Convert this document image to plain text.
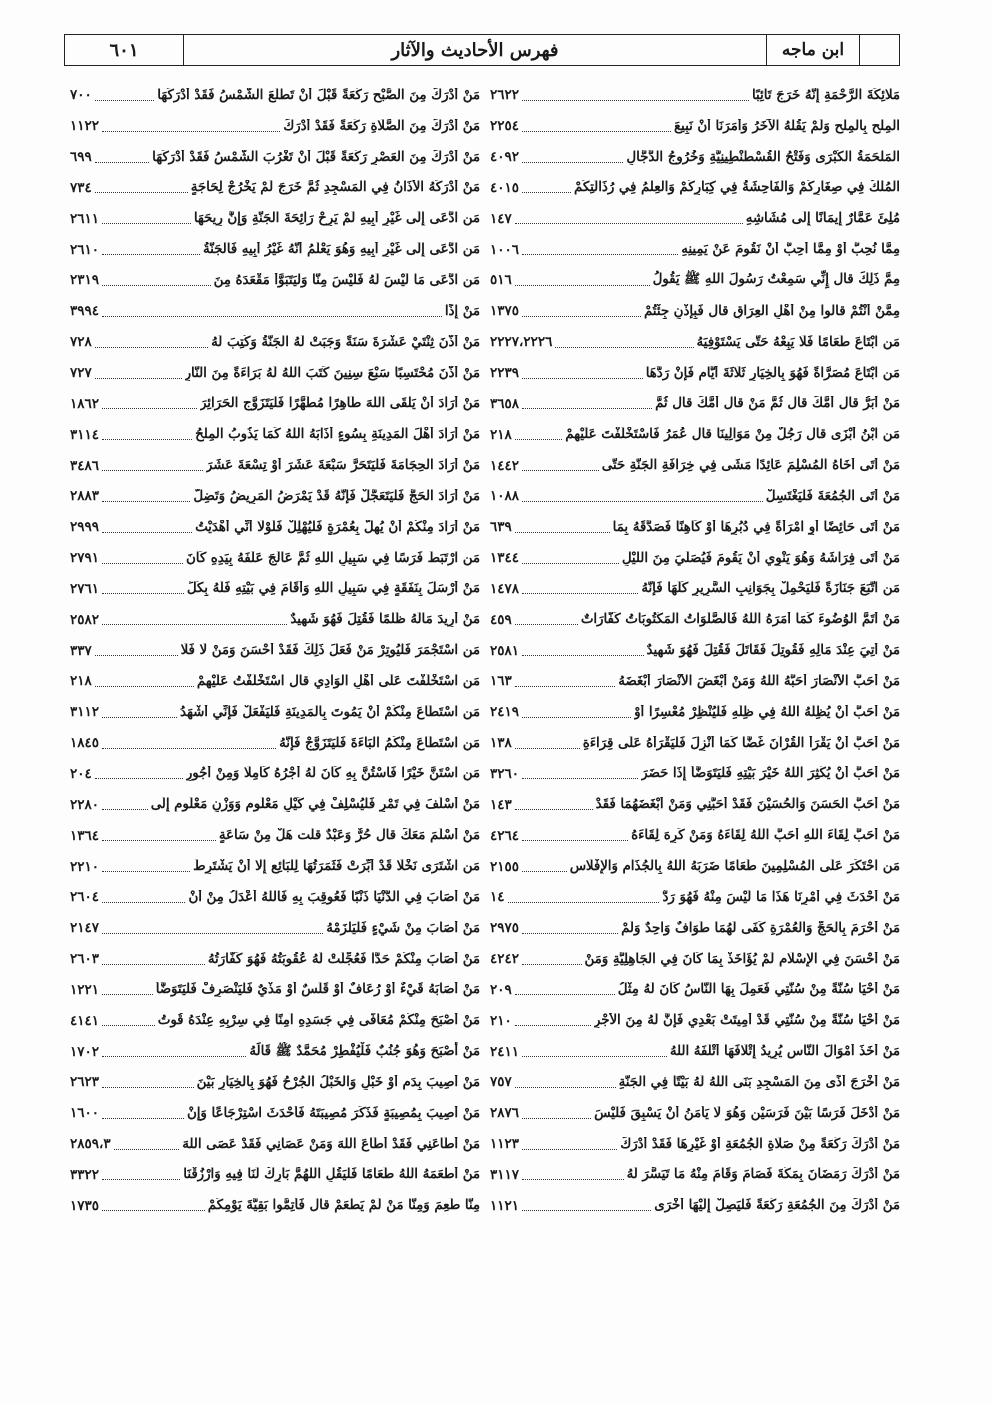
ابن ماجه
فهرس الأحاديث والآثار
٦٠١
مَلائِكَةَ الرَّحْمَةِ إِنَّهُ خَرَجَ تَائِبًا
٢٦٢٢
الْمِلْحِ بِالْمِلْحِ وَلَمْ يَقُلْهُ الْآخَرُ وَأَمَرَنَا أَنْ نَبِيعَ
٢٢٥٤
الْمَلْحَمَةُ الْكُبْرَى وَفَتْحُ الْقُسْطَنْطِينِيَّةِ وَخُرُوجُ الدَّجَّالِ
٤٠٩٢
الْمُلْكُ فِي صِغَارِكُمْ وَالْفَاحِشَةُ فِي كِبَارِكُمْ وَالْعِلْمُ فِي رُذَالَتِكُمْ
٤٠١٥
مُلِئَ عَمَّارٌ إِيمَانًا إِلَى مُشَاشِهِ
١٤٧
مِمَّا نُحِبُّ أَوْ مِمَّا أُحِبُّ أَنْ نَقُومَ عَنْ يَمِينِهِ
١٠٠٦
مِمَّ ذَلِكَ قال إِنِّي سَمِعْتُ رَسُولَ اللهِ ﷺ يَقُولُ
٥١٦
مِمَّنْ أَنْتُمْ قالوا مِنْ أَهْلِ الْعِرَاقِ قال فَبِإِذْنٍ جِئْتُمْ
١٣٧٥
مَنِ ابْتَاعَ طَعَامًا فَلَا يَبِعْهُ حَتَّى يَسْتَوْفِيَهُ
٢٢٢٧،٢٢٢٦
مَنِ ابْتَاعَ مُصَرَّاةً فَهُوَ بِالْخِيَارِ ثَلَاثَةَ أَيَّامٍ فَإِنْ رَدَّهَا
٢٢٣٩
مَنْ أَبَرُّ قال أُمَّكَ قال ثُمَّ مَنْ قال أُمَّكَ قال ثُمَّ
٣٦٥٨
مَنِ ابْنُ أَبْزَى قال رَجُلٌ مِنْ مَوَالِينَا قال عُمَرُ فَاسْتَخْلَفْتَ عَلَيْهِمْ
٢١٨
مَنْ أَتَى أَخَاهُ الْمُسْلِمَ عَائِدًا مَشَى فِي خِرَافَةِ الْجَنَّةِ حَتَّى
١٤٤٢
مَنْ أَتَى الْجُمُعَةَ فَلْيَغْتَسِلْ
١٠٨٨
مَنْ أَتَى حَائِضًا أَوِ امْرَأَةً فِي دُبُرِهَا أَوْ كَاهِنًا فَصَدَّقَهُ بِمَا
٦٣٩
مَنْ أَتَى فِرَاشَهُ وَهُوَ يَنْوِي أَنْ يَقُومَ فَيُصَلِّيَ مِنَ اللَّيْلِ
١٣٤٤
مَنِ اتَّبَعَ جَنَازَةً فَلْيَحْمِلْ بِجَوَانِبِ السَّرِيرِ كُلِّهَا فَإِنَّهُ
١٤٧٨
مَنْ أَتَمَّ الْوُضُوءَ كَمَا أَمَرَهُ اللهُ فَالصَّلَوَاتُ الْمَكْتُوبَاتُ كَفَّارَاتٌ
٤٥٩
مَنْ أُتِيَ عِنْدَ مَالِهِ فَقُوتِلَ فَقَاتَلَ فَقُتِلَ فَهُوَ شَهِيدٌ
٢٥٨١
مَنْ أَحَبَّ الْأَنْصَارَ أَحَبَّهُ اللهُ وَمَنْ أَبْغَضَ الْأَنْصَارَ أَبْغَضَهُ
١٦٣
مَنْ أَحَبَّ أَنْ يُظِلَّهُ اللهُ فِي ظِلِّهِ فَلْيُنْظِرْ مُعْسِرًا أَوْ
٢٤١٩
مَنْ أَحَبَّ أَنْ يَقْرَأَ الْقُرْآنَ غَضًّا كَمَا أُنْزِلَ فَلْيَقْرَأْهُ عَلَى قِرَاءَةِ
١٣٨
مَنْ أَحَبَّ أَنْ يُكْثِرَ اللهُ خَيْرَ بَيْتِهِ فَلْيَتَوَضَّأْ إِذَا حَضَرَ
٣٢٦٠
مَنْ أَحَبَّ الْحَسَنَ وَالْحُسَيْنَ فَقَدْ أَحَبَّنِي وَمَنْ أَبْغَضَهُمَا فَقَدْ
١٤٣
مَنْ أَحَبَّ لِقَاءَ اللهِ أَحَبَّ اللهُ لِقَاءَهُ وَمَنْ كَرِهَ لِقَاءَهُ
٤٢٦٤
مَنِ احْتَكَرَ عَلَى الْمُسْلِمِينَ طَعَامًا ضَرَبَهُ اللهُ بِالْجُذَامِ وَالْإِفْلَاسِ
٢١٥٥
مَنْ أَحْدَثَ فِي أَمْرِنَا هَذَا مَا لَيْسَ مِنْهُ فَهُوَ رَدٌّ
١٤
مَنْ أَحْرَمَ بِالْحَجِّ وَالْعُمْرَةِ كَفَى لَهُمَا طَوَافٌ وَاحِدٌ وَلَمْ
٢٩٧٥
مَنْ أَحْسَنَ فِي الْإِسْلَامِ لَمْ يُؤَاخَذْ بِمَا كَانَ فِي الْجَاهِلِيَّةِ وَمَنْ
٤٢٤٢
مَنْ أَحْيَا سُنَّةً مِنْ سُنَّتِي فَعَمِلَ بِهَا النَّاسُ كَانَ لَهُ مِثْلُ
٢٠٩
مَنْ أَحْيَا سُنَّةً مِنْ سُنَّتِي قَدْ أُمِيتَتْ بَعْدِي فَإِنَّ لَهُ مِنَ الْأَجْرِ
٢١٠
مَنْ أَخَذَ أَمْوَالَ النَّاسِ يُرِيدُ إِتْلَافَهَا أَتْلَفَهُ اللهُ
٢٤١١
مَنْ أَخْرَجَ أَذًى مِنَ الْمَسْجِدِ بَنَى اللهُ لَهُ بَيْتًا فِي الْجَنَّةِ
٧٥٧
مَنْ أَدْخَلَ فَرَسًا بَيْنَ فَرَسَيْنِ وَهُوَ لَا يَأْمَنُ أَنْ يَسْبِقَ فَلَيْسَ
٢٨٧٦
مَنْ أَدْرَكَ رَكْعَةً مِنْ صَلَاةِ الْجُمُعَةِ أَوْ غَيْرِهَا فَقَدْ أَدْرَكَ
١١٢٣
مَنْ أَدْرَكَ رَمَضَانَ بِمَكَّةَ فَصَامَ وَقَامَ مِنْهُ مَا تَيَسَّرَ لَهُ
٣١١٧
مَنْ أَدْرَكَ مِنَ الْجُمُعَةِ رَكْعَةً فَلْيَصِلْ إِلَيْهَا أُخْرَى
١١٢١
مَنْ أَدْرَكَ مِنَ الصُّبْحِ رَكْعَةً قَبْلَ أَنْ تَطْلُعَ الشَّمْسُ فَقَدْ أَدْرَكَهَا
٧٠٠
مَنْ أَدْرَكَ مِنَ الصَّلَاةِ رَكْعَةً فَقَدْ أَدْرَكَ
١١٢٢
مَنْ أَدْرَكَ مِنَ الْعَصْرِ رَكْعَةً قَبْلَ أَنْ تَغْرُبَ الشَّمْسُ فَقَدْ أَدْرَكَهَا
٦٩٩
مَنْ أَدْرَكَهُ الْأَذَانُ فِي الْمَسْجِدِ ثُمَّ خَرَجَ لَمْ يَخْرُجْ لِحَاجَةٍ
٧٣٤
مَنِ ادَّعَى إِلَى غَيْرِ أَبِيهِ لَمْ يَرِحْ رَائِحَةَ الْجَنَّةِ وَإِنَّ رِيحَهَا
٢٦١١
مَنِ ادَّعَى إِلَى غَيْرِ أَبِيهِ وَهُوَ يَعْلَمُ أَنَّهُ غَيْرُ أَبِيهِ فَالْجَنَّةُ
٢٦١٠
مَنِ ادَّعَى مَا لَيْسَ لَهُ فَلَيْسَ مِنَّا وَلْيَتَبَوَّأْ مَقْعَدَهُ مِنَ
٢٣١٩
مَنْ إِذًا
٣٩٩٤
مَنْ أَذَّنَ ثِنْتَيْ عَشْرَةَ سَنَةً وَجَبَتْ لَهُ الْجَنَّةُ وَكُتِبَ لَهُ
٧٢٨
مَنْ أَذَّنَ مُحْتَسِبًا سَبْعَ سِنِينَ كَتَبَ اللهُ لَهُ بَرَاءَةً مِنَ النَّارِ
٧٢٧
مَنْ أَرَادَ أَنْ يَلْقَى اللهَ طَاهِرًا مُطَهَّرًا فَلْيَتَزَوَّجِ الْحَرَائِرَ
١٨٦٢
مَنْ أَرَادَ أَهْلَ الْمَدِينَةِ بِسُوءٍ أَذَابَهُ اللهُ كَمَا يَذُوبُ الْمِلْحُ
٣١١٤
مَنْ أَرَادَ الْحِجَامَةَ فَلْيَتَحَرَّ سَبْعَةَ عَشَرَ أَوْ تِسْعَةَ عَشَرَ
٣٤٨٦
مَنْ أَرَادَ الْحَجَّ فَلْيَتَعَجَّلْ فَإِنَّهُ قَدْ يَمْرَضُ الْمَرِيضُ وَتَضِلُّ
٢٨٨٣
مَنْ أَرَادَ مِنْكُمْ أَنْ يُهِلَّ بِعُمْرَةٍ فَلْيُهْلِلْ فَلَوْلَا أَنِّي أَهْدَيْتُ
٢٩٩٩
مَنِ ارْتَبَطَ فَرَسًا فِي سَبِيلِ اللهِ ثُمَّ عَالَجَ عَلَفَهُ بِيَدِهِ كَانَ
٢٧٩١
مَنْ أَرْسَلَ بِنَفَقَةٍ فِي سَبِيلِ اللهِ وَأَقَامَ فِي بَيْتِهِ فَلَهُ بِكُلِّ
٢٧٦١
مَنْ أُرِيدَ مَالُهُ ظُلْمًا فَقُتِلَ فَهُوَ شَهِيدٌ
٢٥٨٢
مَنِ اسْتَجْمَرَ فَلْيُوتِرْ مَنْ فَعَلَ ذَلِكَ فَقَدْ أَحْسَنَ وَمَنْ لَا فَلَا
٣٣٧
مَنِ اسْتَخْلَفْتَ عَلَى أَهْلِ الْوَادِي قال اسْتَخْلَفْتُ عَلَيْهِمْ
٢١٨
مَنِ اسْتَطَاعَ مِنْكُمْ أَنْ يَمُوتَ بِالْمَدِينَةِ فَلْيَفْعَلْ فَإِنِّي أَشْهَدُ
٣١١٢
مَنِ اسْتَطَاعَ مِنْكُمُ الْبَاءَةَ فَلْيَتَزَوَّجْ فَإِنَّهُ
١٨٤٥
مَنِ اسْتَنَّ خَيْرًا فَاسْتُنَّ بِهِ كَانَ لَهُ أَجْرُهُ كَامِلًا وَمِنْ أُجُورِ
٢٠٤
مَنْ أَسْلَفَ فِي تَمْرٍ فَلْيُسْلِفْ فِي كَيْلٍ مَعْلُومٍ وَوَزْنٍ مَعْلُومٍ إِلَى
٢٢٨٠
مَنْ أَسْلَمَ مَعَكَ قال حُرٌّ وَعَبْدٌ قلت هَلْ مِنْ سَاعَةٍ
١٣٦٤
مَنِ اشْتَرَى نَخْلًا قَدْ أُبِّرَتْ فَثَمَرَتُهَا لِلْبَائِعِ إِلَّا أَنْ يَشْتَرِطَ
٢٢١٠
مَنْ أَصَابَ فِي الدُّنْيَا ذَنْبًا فَعُوقِبَ بِهِ فَاللهُ أَعْدَلُ مِنْ أَنْ
٢٦٠٤
مَنْ أَصَابَ مِنْ شَيْءٍ فَلْيَلْزَمْهُ
٢١٤٧
مَنْ أَصَابَ مِنْكُمْ حَدًّا فَعُجِّلَتْ لَهُ عُقُوبَتُهُ فَهُوَ كَفَّارَتُهُ
٢٦٠٣
مَنْ أَصَابَهُ قَيْءٌ أَوْ رُعَافٌ أَوْ قَلَسٌ أَوْ مَذْيٌ فَلْيَنْصَرِفْ فَلْيَتَوَضَّأْ
١٢٢١
مَنْ أَصْبَحَ مِنْكُمْ مُعَافًى فِي جَسَدِهِ آمِنًا فِي سِرْبِهِ عِنْدَهُ قُوتُ
٤١٤١
مَنْ أَصْبَحَ وَهُوَ جُنُبٌ فَلْيُفْطِرْ مُحَمَّدٌ ﷺ قَالَهُ
١٧٠٢
مَنْ أُصِيبَ بِدَمٍ أَوْ خَبْلٍ وَالْخَبْلُ الْجُرْحُ فَهُوَ بِالْخِيَارِ بَيْنَ
٢٦٢٣
مَنْ أُصِيبَ بِمُصِيبَةٍ فَذَكَرَ مُصِيبَتَهُ فَأَحْدَثَ اسْتِرْجَاعًا وَإِنْ
١٦٠٠
مَنْ أَطَاعَنِي فَقَدْ أَطَاعَ اللهَ وَمَنْ عَصَانِي فَقَدْ عَصَى اللهَ
٢٨٥٩،٣
مَنْ أَطْعَمَهُ اللهُ طَعَامًا فَلْيَقُلِ اللَّهُمَّ بَارِكْ لَنَا فِيهِ وَارْزُقْنَا
٣٣٢٢
مِنَّا طَعِمَ وَمِنَّا مَنْ لَمْ يَطْعَمْ قال فَأَتِمُّوا بَقِيَّةَ يَوْمِكُمْ
١٧٣٥
